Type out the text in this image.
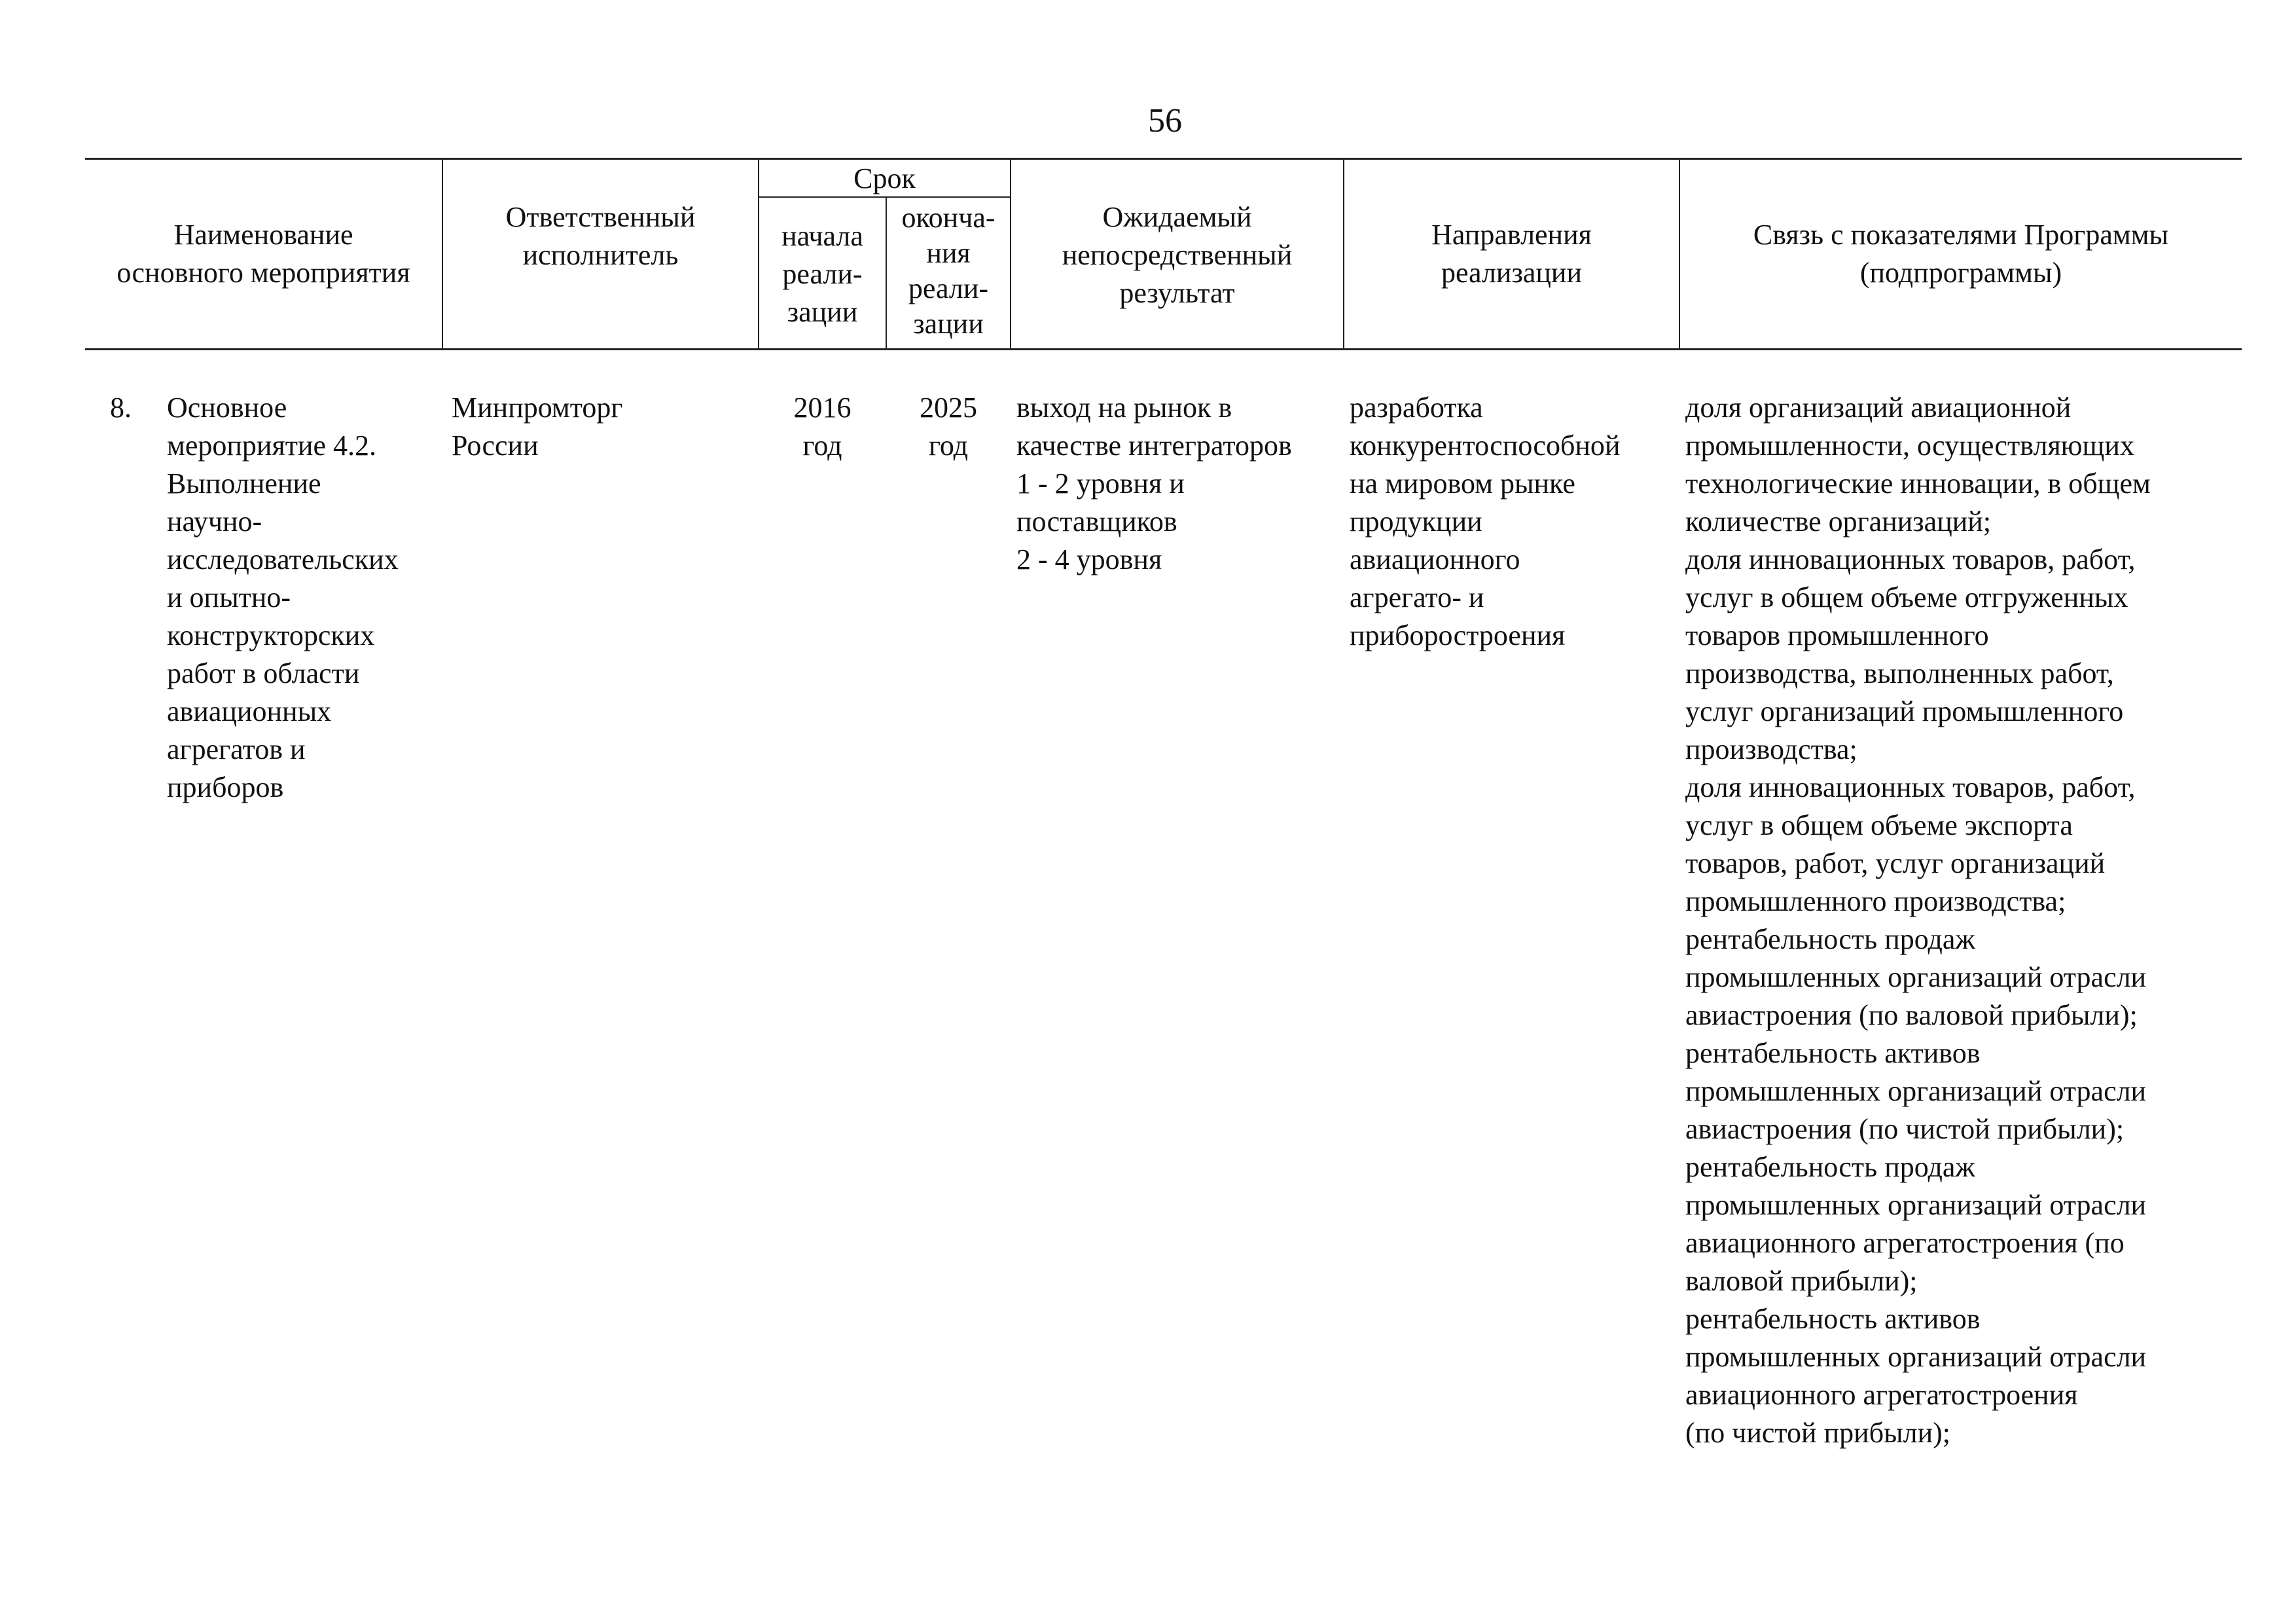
56
Наименование
основного мероприятия
Ответственный
исполнитель
Срок
начала
реали-
зации
оконча-
ния
реали-
зации
Ожидаемый
непосредственный
результат
Направления
реализации
Связь с показателями Программы
(подпрограммы)
8. Основное
мероприятие 4.2.
Выполнение
научно-
исследовательских
и опытно-
конструкторских
работ в области
авиационных
агрегатов и
приборов
Минпромторг
России
2016
год
2025
год
выход на рынок в
качестве интеграторов
1 - 2 уровня и
поставщиков
2 - 4 уровня
разработка
конкурентоспособной
на мировом рынке
продукции
авиационного
агрегато- и
приборостроения
доля организаций авиационной
промышленности, осуществляющих
технологические инновации, в общем
количестве организаций;
доля инновационных товаров, работ,
услуг в общем объеме отгруженных
товаров промышленного
производства, выполненных работ,
услуг организаций промышленного
производства;
доля инновационных товаров, работ,
услуг в общем объеме экспорта
товаров, работ, услуг организаций
промышленного производства;
рентабельность продаж
промышленных организаций отрасли
авиастроения (по валовой прибыли);
рентабельность активов
промышленных организаций отрасли
авиастроения (по чистой прибыли);
рентабельность продаж
промышленных организаций отрасли
авиационного агрегатостроения (по
валовой прибыли);
рентабельность активов
промышленных организаций отрасли
авиационного агрегатостроения
(по чистой прибыли);
